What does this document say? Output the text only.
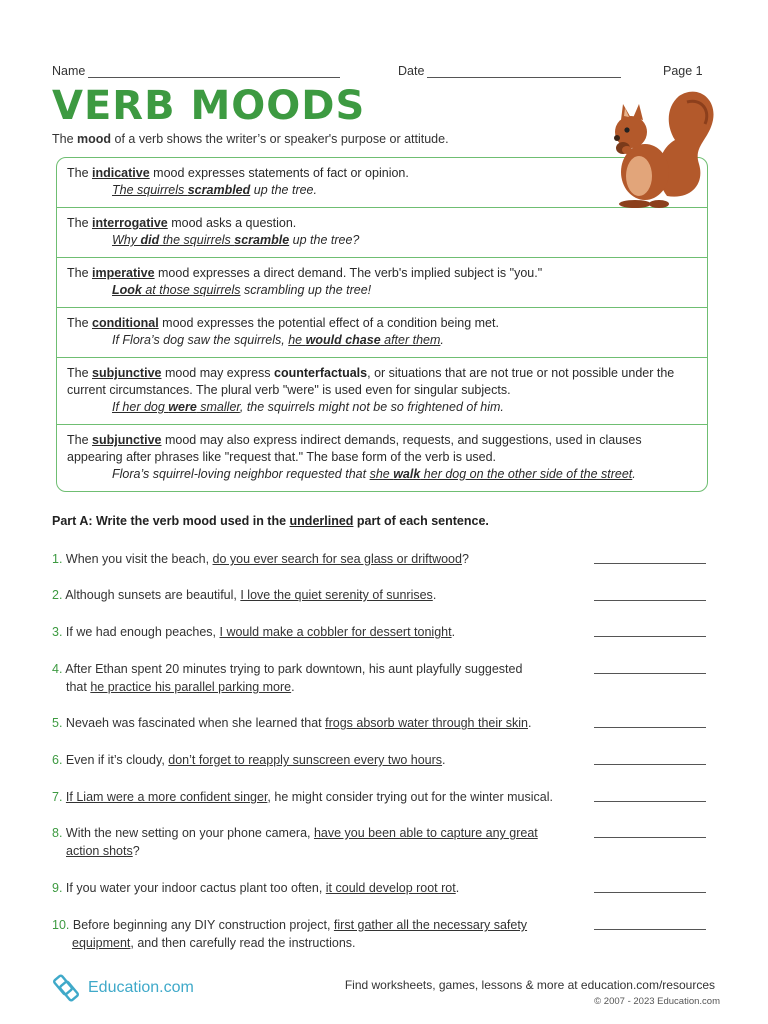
Name	Date	Page 1
VERB MOODS
The mood of a verb shows the writer’s or speaker's purpose or attitude.
The indicative mood expresses statements of fact or opinion.
The squirrels scrambled up the tree.
The interrogative mood asks a question.
Why did the squirrels scramble up the tree?
The imperative mood expresses a direct demand. The verb's implied subject is "you."
Look at those squirrels scrambling up the tree!
The conditional mood expresses the potential effect of a condition being met.
If Flora’s dog saw the squirrels, he would chase after them.
The subjunctive mood may express counterfactuals, or situations that are not true or not possible under the current circumstances. The plural verb "were" is used even for singular subjects.
If her dog were smaller, the squirrels might not be so frightened of him.
The subjunctive mood may also express indirect demands, requests, and suggestions, used in clauses appearing after phrases like "request that." The base form of the verb is used.
Flora’s squirrel-loving neighbor requested that she walk her dog on the other side of the street.
Part A: Write the verb mood used in the underlined part of each sentence.
1. When you visit the beach, do you ever search for sea glass or driftwood?
2. Although sunsets are beautiful, I love the quiet serenity of sunrises.
3. If we had enough peaches, I would make a cobbler for dessert tonight.
4. After Ethan spent 20 minutes trying to park downtown, his aunt playfully suggested
that he practice his parallel parking more.
5. Nevaeh was fascinated when she learned that frogs absorb water through their skin.
6. Even if it’s cloudy, don’t forget to reapply sunscreen every two hours.
7. If Liam were a more confident singer, he might consider trying out for the winter musical.
8. With the new setting on your phone camera, have you been able to capture any great
action shots?
9. If you water your indoor cactus plant too often, it could develop root rot.
10. Before beginning any DIY construction project, first gather all the necessary safety
equipment, and then carefully read the instructions.
Education.com	Find worksheets, games, lessons & more at education.com/resources
© 2007 - 2023 Education.com
